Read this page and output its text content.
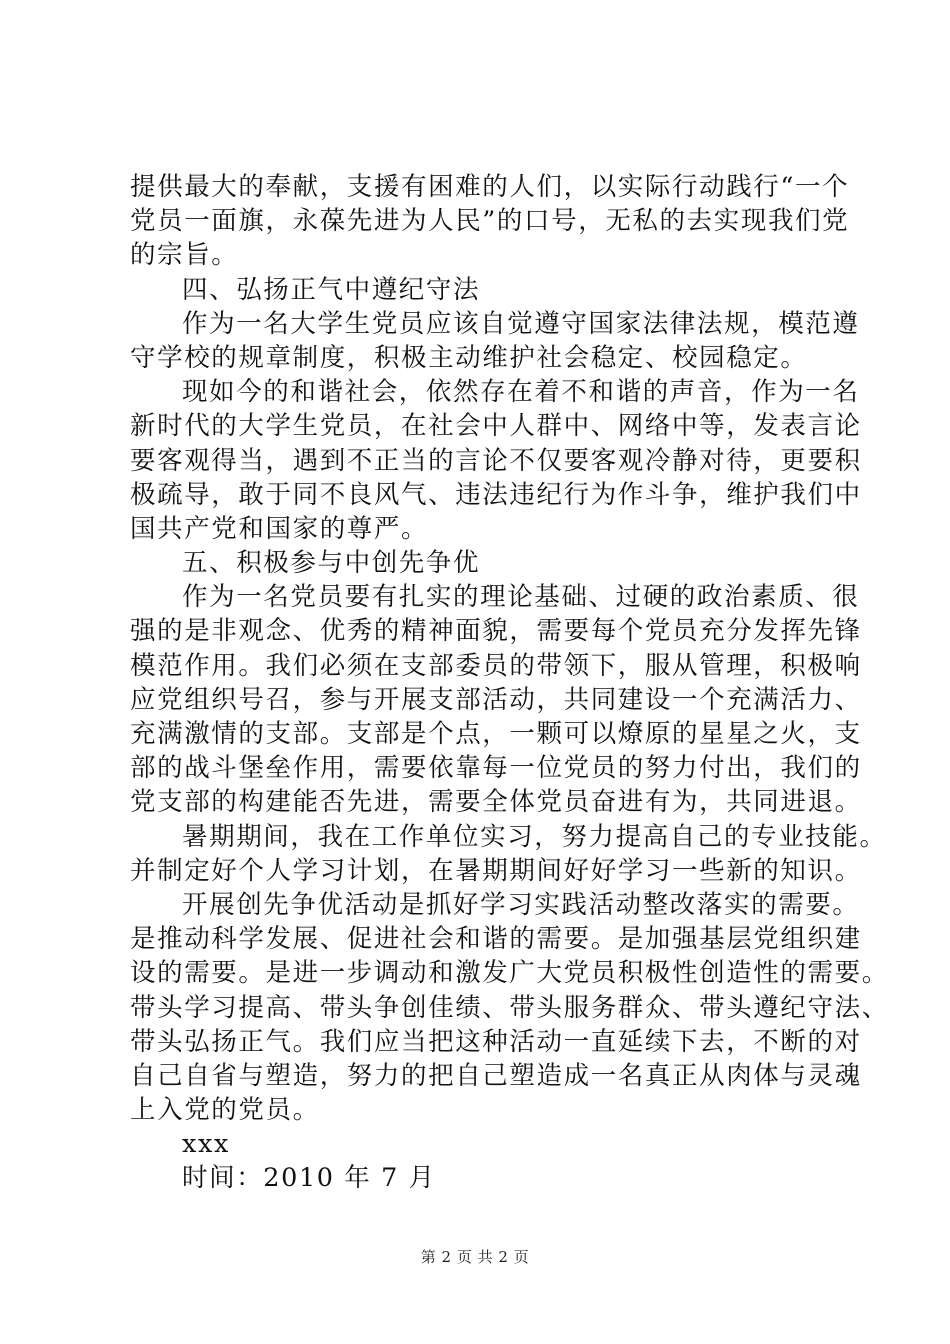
提供最大的奉献，支援有困难的人们，以实际行动践行“一个
党员一面旗，永葆先进为人民”的口号，无私的去实现我们党
的宗旨。
四、弘扬正气中遵纪守法
作为一名大学生党员应该自觉遵守国家法律法规，模范遵
守学校的规章制度，积极主动维护社会稳定、校园稳定。
现如今的和谐社会，依然存在着不和谐的声音，作为一名
新时代的大学生党员，在社会中人群中、网络中等，发表言论
要客观得当，遇到不正当的言论不仅要客观冷静对待，更要积
极疏导，敢于同不良风气、违法违纪行为作斗争，维护我们中
国共产党和国家的尊严。
五、积极参与中创先争优
作为一名党员要有扎实的理论基础、过硬的政治素质、很
强的是非观念、优秀的精神面貌，需要每个党员充分发挥先锋
模范作用。我们必须在支部委员的带领下，服从管理，积极响
应党组织号召，参与开展支部活动，共同建设一个充满活力、
充满激情的支部。支部是个点，一颗可以燎原的星星之火，支
部的战斗堡垒作用，需要依靠每一位党员的努力付出，我们的
党支部的构建能否先进，需要全体党员奋进有为，共同进退。
暑期期间，我在工作单位实习，努力提高自己的专业技能。
并制定好个人学习计划，在暑期期间好好学习一些新的知识。
开展创先争优活动是抓好学习实践活动整改落实的需要。
是推动科学发展、促进社会和谐的需要。是加强基层党组织建
设的需要。是进一步调动和激发广大党员积极性创造性的需要。
带头学习提高、带头争创佳绩、带头服务群众、带头遵纪守法、
带头弘扬正气。我们应当把这种活动一直延续下去，不断的对
自己自省与塑造，努力的把自己塑造成一名真正从肉体与灵魂
上入党的党员。
xxx
时间：2010 年 7 月
第 2 页 共 2 页
